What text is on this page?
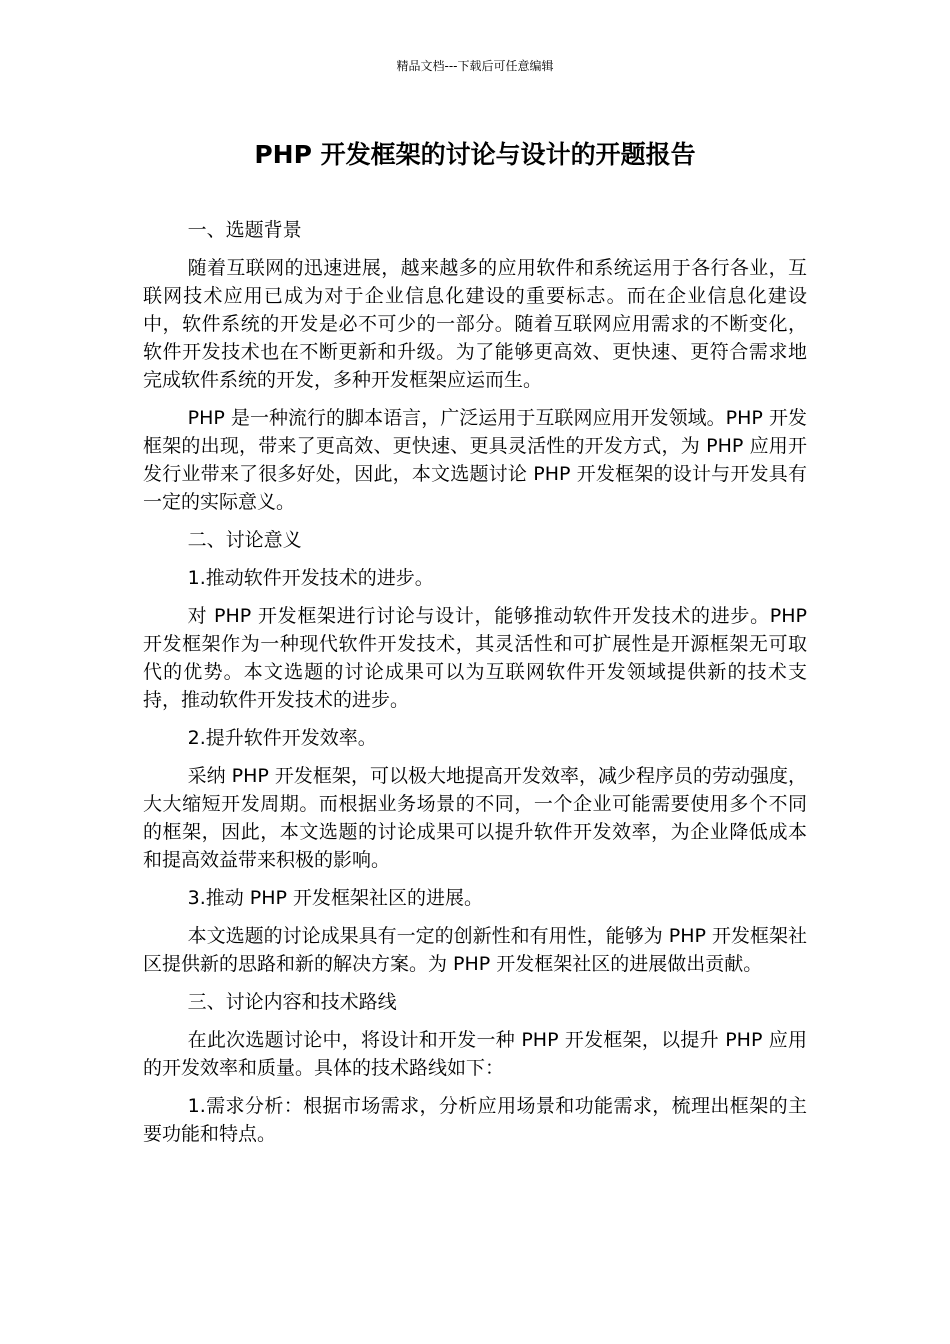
精品文档---下载后可任意编辑
PHP 开发框架的讨论与设计的开题报告

一、选题背景

随着互联网的迅速进展，越来越多的应用软件和系统运用于各行各业，互联网技术应用已成为对于企业信息化建设的重要标志。而在企业信息化建设中，软件系统的开发是必不可少的一部分。随着互联网应用需求的不断变化，软件开发技术也在不断更新和升级。为了能够更高效、更快速、更符合需求地完成软件系统的开发，多种开发框架应运而生。

PHP 是一种流行的脚本语言，广泛运用于互联网应用开发领域。PHP 开发框架的出现，带来了更高效、更快速、更具灵活性的开发方式，为 PHP 应用开发行业带来了很多好处，因此，本文选题讨论 PHP 开发框架的设计与开发具有一定的实际意义。

二、讨论意义

1.推动软件开发技术的进步。

对 PHP 开发框架进行讨论与设计，能够推动软件开发技术的进步。PHP 开发框架作为一种现代软件开发技术，其灵活性和可扩展性是开源框架无可取代的优势。本文选题的讨论成果可以为互联网软件开发领域提供新的技术支持，推动软件开发技术的进步。

2.提升软件开发效率。

采纳 PHP 开发框架，可以极大地提高开发效率，减少程序员的劳动强度，大大缩短开发周期。而根据业务场景的不同，一个企业可能需要使用多个不同的框架，因此，本文选题的讨论成果可以提升软件开发效率，为企业降低成本和提高效益带来积极的影响。

3.推动 PHP 开发框架社区的进展。

本文选题的讨论成果具有一定的创新性和有用性，能够为 PHP 开发框架社区提供新的思路和新的解决方案。为 PHP 开发框架社区的进展做出贡献。

三、讨论内容和技术路线

在此次选题讨论中，将设计和开发一种 PHP 开发框架，以提升 PHP 应用的开发效率和质量。具体的技术路线如下：

1.需求分析：根据市场需求，分析应用场景和功能需求，梳理出框架的主要功能和特点。
